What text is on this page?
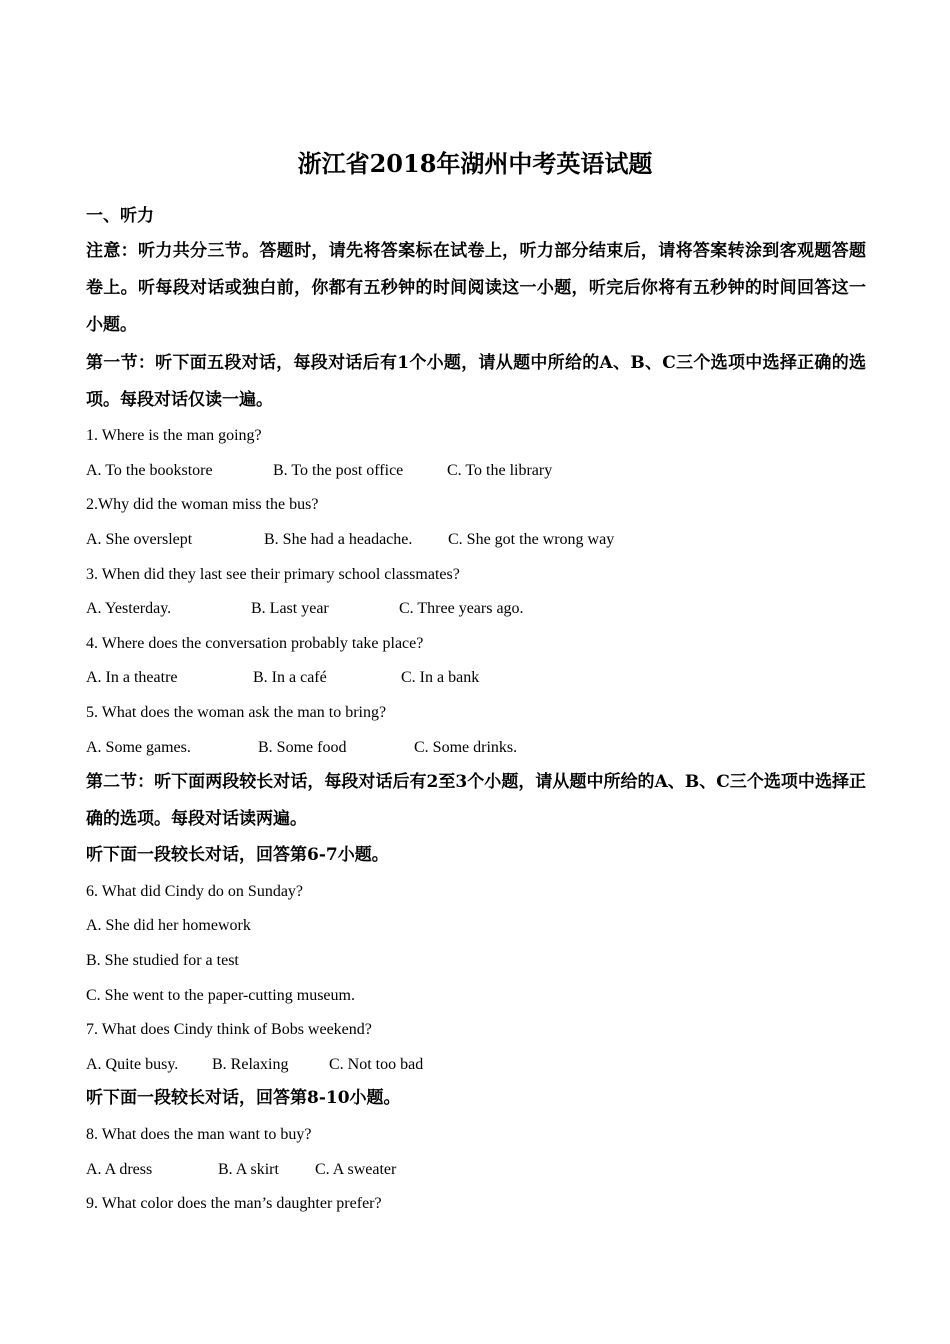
浙江省2018年湖州中考英语试题
一、听力
注意：听力共分三节。答题时，请先将答案标在试卷上，听力部分结束后，请将答案转涂到客观题答题卷上。听每段对话或独白前，你都有五秒钟的时间阅读这一小题，听完后你将有五秒钟的时间回答这一小题。
第一节：听下面五段对话，每段对话后有1个小题，请从题中所给的A、B、C三个选项中选择正确的选项。每段对话仅读一遍。
1. Where is the man going?
A. To the bookstore	B. To the post office	C. To the library
2.Why did the woman miss the bus?
A. She overslept	B. She had a headache. C. She got the wrong way
3. When did they last see their primary school classmates?
A. Yesterday.	B. Last year	C. Three years ago.
4. Where does the conversation probably take place?
A. In a theatre	B. In a café	C. In a bank
5. What does the woman ask the man to bring?
A. Some games.	B. Some food	C. Some drinks.
第二节：听下面两段较长对话，每段对话后有2至3个小题，请从题中所给的A、B、C三个选项中选择正确的选项。每段对话读两遍。
听下面一段较长对话，回答第6-7小题。
6. What did Cindy do on Sunday?
A. She did her homework
B. She studied for a test
C. She went to the paper-cutting museum.
7. What does Cindy think of Bobs weekend?
A. Quite busy. B. Relaxing	C. Not too bad
听下面一段较长对话，回答第8-10小题。
8. What does the man want to buy?
A. A dress	B. A skirt C. A sweater
9. What color does the man’s daughter prefer?
